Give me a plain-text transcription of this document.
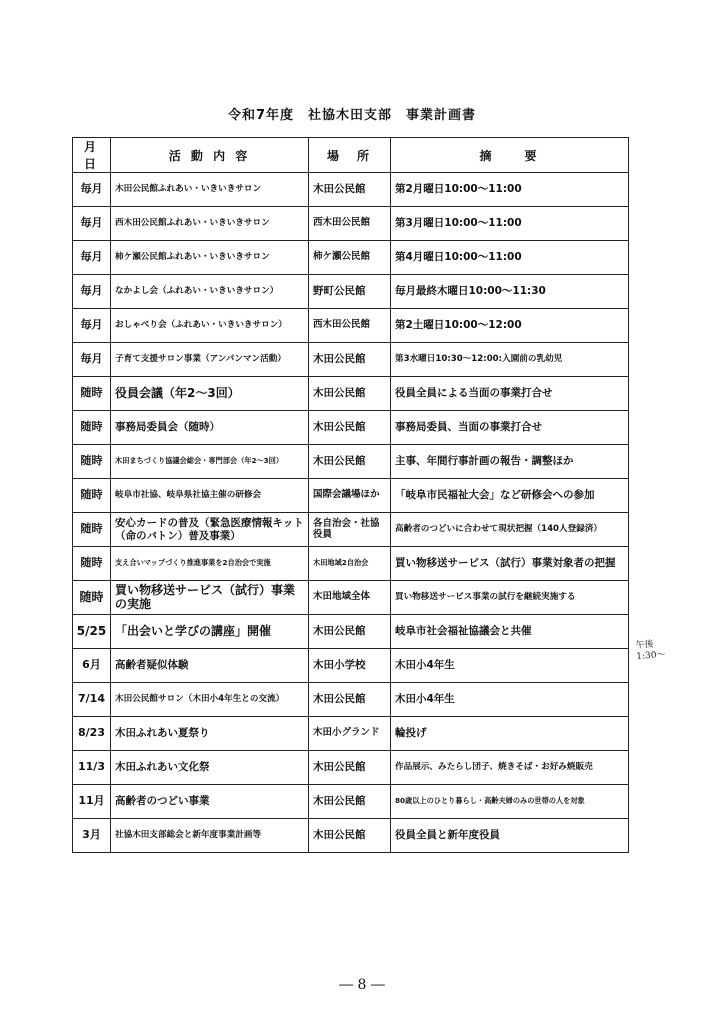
令和7年度　社協木田支部　事業計画書
月 日	活 動 内 容	場　所	摘　　要
毎月	木田公民館ふれあい・いきいきサロン	木田公民館	第2月曜日10:00～11:00
毎月	西木田公民館ふれあい・いきいきサロン	西木田公民館	第3月曜日10:00～11:00
毎月	柿ケ瀬公民館ふれあい・いきいきサロン	柿ケ瀬公民館	第4月曜日10:00～11:00
毎月	なかよし会（ふれあい・いきいきサロン）	野町公民館	毎月最終木曜日10:00～11:30
毎月	おしゃべり会（ふれあい・いきいきサロン）	西木田公民館	第2土曜日10:00～12:00
毎月	子育て支援サロン事業（アンパンマン活動）	木田公民館	第3水曜日10:30～12:00:入園前の乳幼児
随時	役員会議（年2～3回）	木田公民館	役員全員による当面の事業打合せ
随時	事務局委員会（随時）	木田公民館	事務局委員、当面の事業打合せ
随時	木田まちづくり協議会総会・専門部会（年2～3回）	木田公民館	主事、年間行事計画の報告・調整ほか
随時	岐阜市社協、岐阜県社協主催の研修会	国際会議場ほか	「岐阜市民福祉大会」など研修会への参加
随時	安心カードの普及（緊急医療情報キット（命のバトン）普及事業）	各自治会・社協役員	高齢者のつどいに合わせて現状把握（140人登録済）
随時	支え合いマップづくり推進事業を2自治会で実施	木田地域2自治会	買い物移送サービス（試行）事業対象者の把握
随時	買い物移送サービス（試行）事業の実施	木田地域全体	買い物移送サービス事業の試行を継続実施する
5/25	「出会いと学びの講座」開催	木田公民館	岐阜市社会福祉協議会と共催
6月	高齢者疑似体験	木田小学校	木田小4年生
7/14	木田公民館サロン（木田小4年生との交流）	木田公民館	木田小4年生
8/23	木田ふれあい夏祭り	木田小グランド	輪投げ
11/3	木田ふれあい文化祭	木田公民館	作品展示、みたらし団子、焼きそば・お好み焼販売
11月	高齢者のつどい事業	木田公民館	80歳以上のひとり暮らし・高齢夫婦のみの世帯の人を対象
3月	社協木田支部総会と新年度事業計画等	木田公民館	役員全員と新年度役員
午後
1:30～
― 8 ―
